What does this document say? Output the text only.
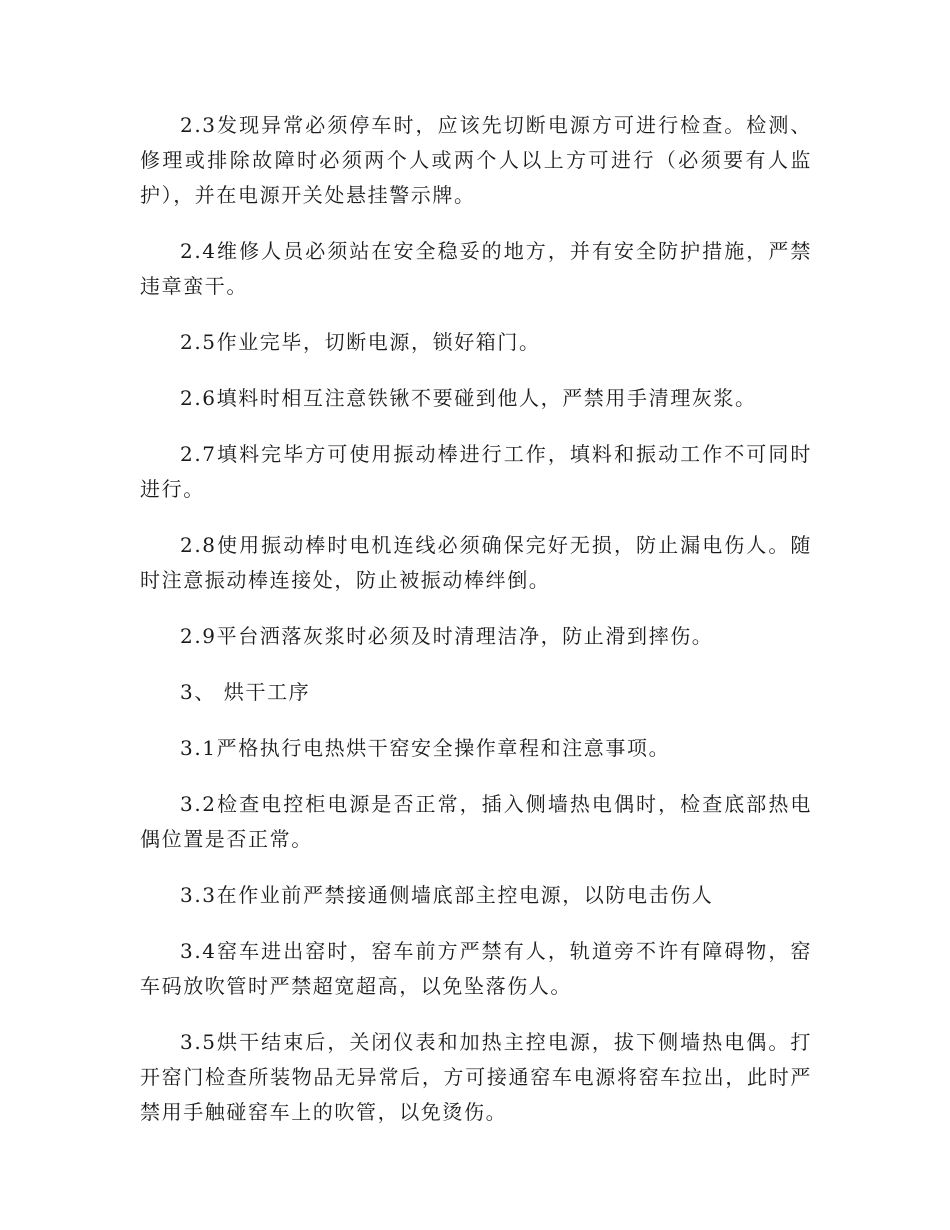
2.3发现异常必须停车时，应该先切断电源方可进行检查。检测、修理或排除故障时必须两个人或两个人以上方可进行（必须要有人监护），并在电源开关处悬挂警示牌。

2.4维修人员必须站在安全稳妥的地方，并有安全防护措施，严禁违章蛮干。

2.5作业完毕，切断电源，锁好箱门。

2.6填料时相互注意铁锹不要碰到他人，严禁用手清理灰浆。

2.7填料完毕方可使用振动棒进行工作，填料和振动工作不可同时进行。

2.8使用振动棒时电机连线必须确保完好无损，防止漏电伤人。随时注意振动棒连接处，防止被振动棒绊倒。

2.9平台洒落灰浆时必须及时清理洁净，防止滑到摔伤。

3、 烘干工序

3.1严格执行电热烘干窑安全操作章程和注意事项。

3.2检查电控柜电源是否正常，插入侧墙热电偶时，检查底部热电偶位置是否正常。

3.3在作业前严禁接通侧墙底部主控电源，以防电击伤人

3.4窑车进出窑时，窑车前方严禁有人，轨道旁不许有障碍物，窑车码放吹管时严禁超宽超高，以免坠落伤人。

3.5烘干结束后，关闭仪表和加热主控电源，拔下侧墙热电偶。打开窑门检查所装物品无异常后，方可接通窑车电源将窑车拉出，此时严禁用手触碰窑车上的吹管，以免烫伤。
